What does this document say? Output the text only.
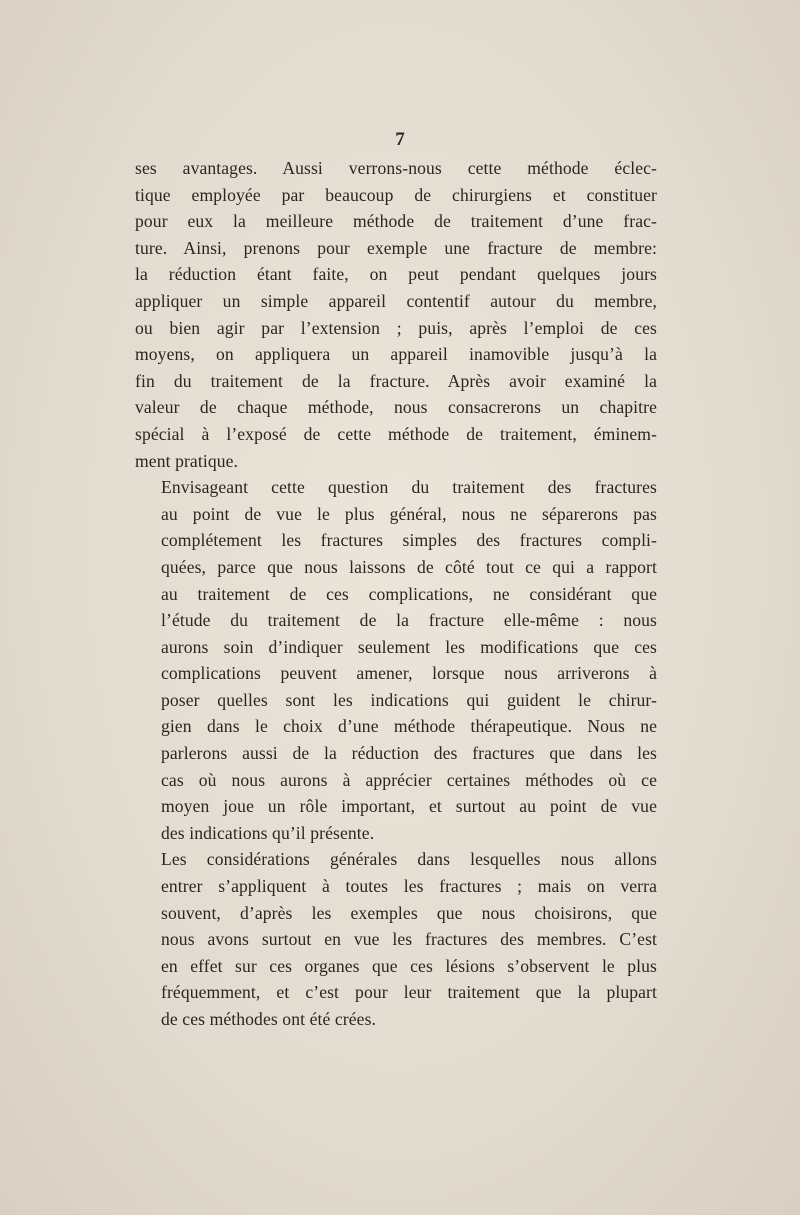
7

ses avantages. Aussi verrons-nous cette méthode éclec-
tique employée par beaucoup de chirurgiens et constituer
pour eux la meilleure méthode de traitement d’une frac-
ture. Ainsi, prenons pour exemple une fracture de membre:
la réduction étant faite, on peut pendant quelques jours
appliquer un simple appareil contentif autour du membre,
ou bien agir par l’extension ; puis, après l’emploi de ces
moyens, on appliquera un appareil inamovible jusqu’à la
fin du traitement de la fracture. Après avoir examiné la
valeur de chaque méthode, nous consacrerons un chapitre
spécial à l’exposé de cette méthode de traitement, éminem-
ment pratique.

Envisageant cette question du traitement des fractures
au point de vue le plus général, nous ne séparerons pas
complétement les fractures simples des fractures compli-
quées, parce que nous laissons de côté tout ce qui a rapport
au traitement de ces complications, ne considérant que
l’étude du traitement de la fracture elle-même : nous
aurons soin d’indiquer seulement les modifications que ces
complications peuvent amener, lorsque nous arriverons à
poser quelles sont les indications qui guident le chirur-
gien dans le choix d’une méthode thérapeutique. Nous ne
parlerons aussi de la réduction des fractures que dans les
cas où nous aurons à apprécier certaines méthodes où ce
moyen joue un rôle important, et surtout au point de vue
des indications qu’il présente.

Les considérations générales dans lesquelles nous allons
entrer s’appliquent à toutes les fractures ; mais on verra
souvent, d’après les exemples que nous choisirons, que
nous avons surtout en vue les fractures des membres. C’est
en effet sur ces organes que ces lésions s’observent le plus
fréquemment, et c’est pour leur traitement que la plupart
de ces méthodes ont été crées.
